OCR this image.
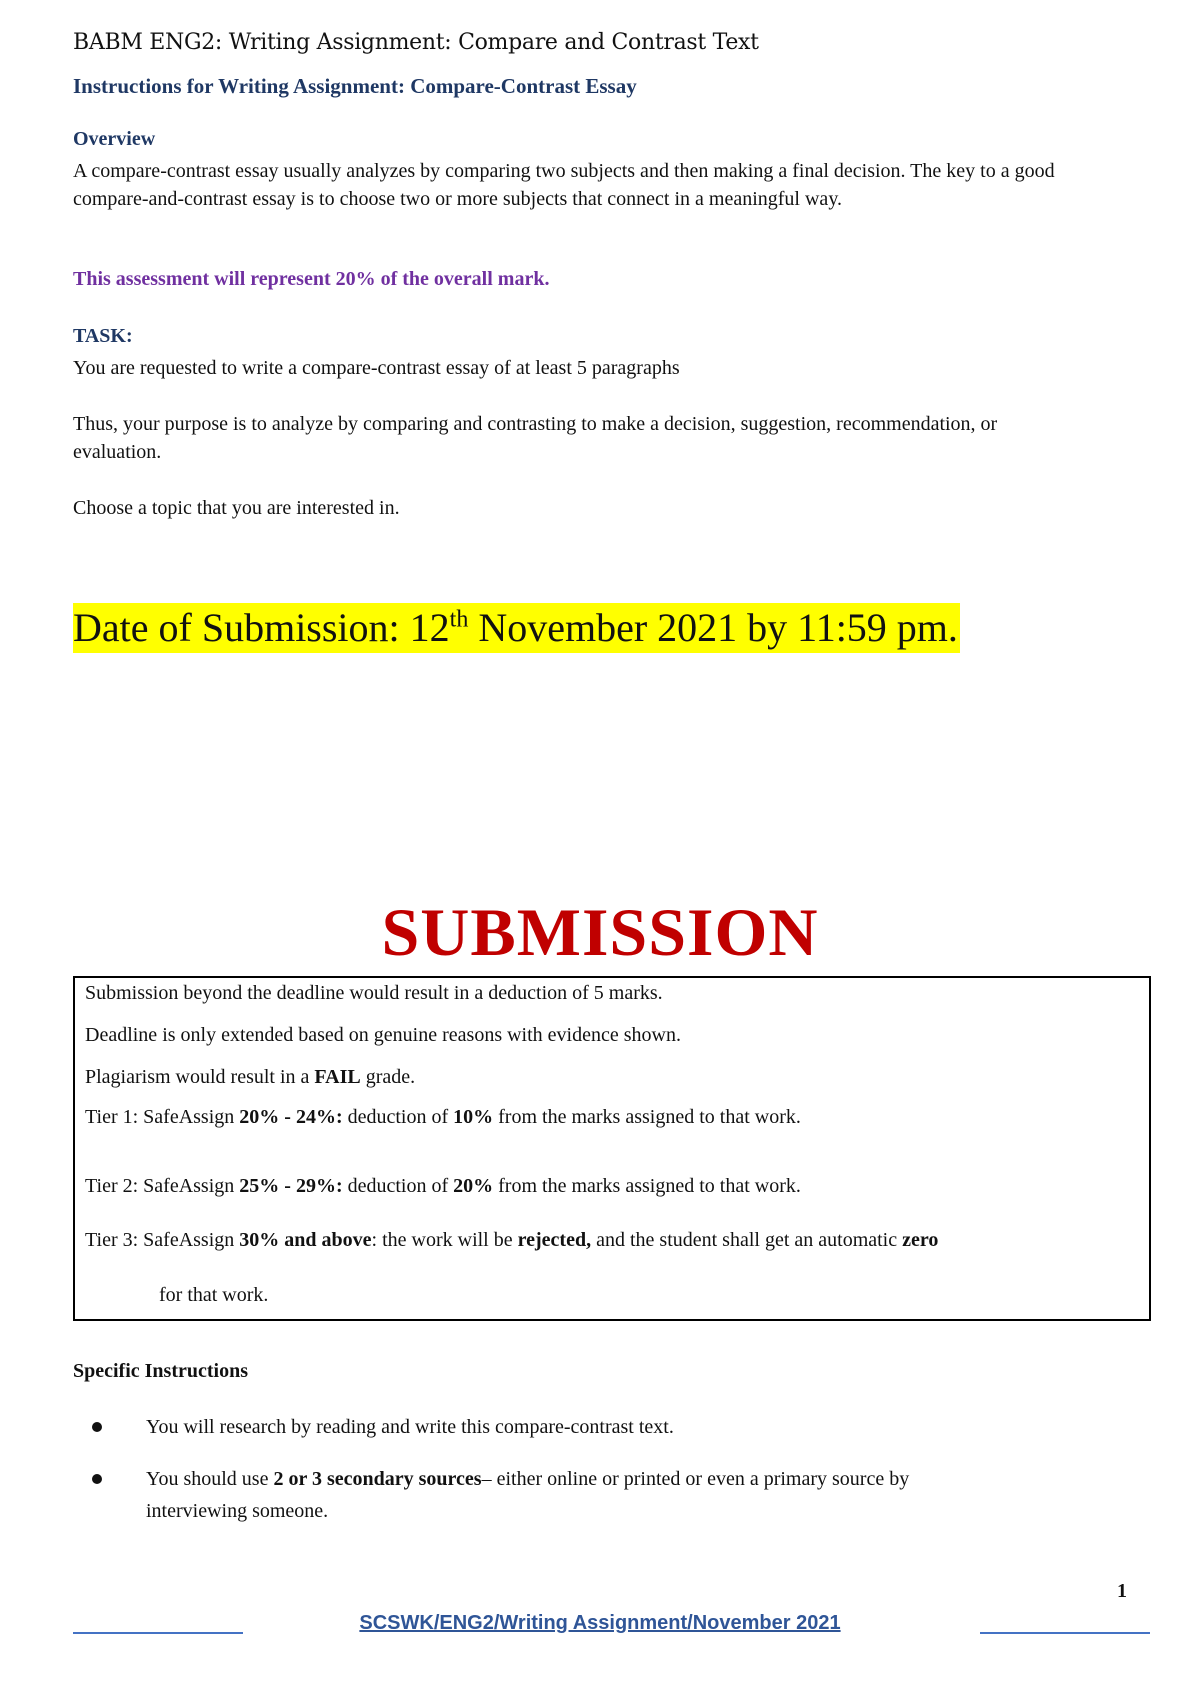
BABM ENG2: Writing Assignment: Compare and Contrast Text
Instructions for Writing Assignment: Compare-Contrast Essay
Overview
A compare-contrast essay usually analyzes by comparing two subjects and then making a final decision. The key to a good compare-and-contrast essay is to choose two or more subjects that connect in a meaningful way.
This assessment will represent 20% of the overall mark.
TASK:
You are requested to write a compare-contrast essay of at least 5 paragraphs
Thus, your purpose is to analyze by comparing and contrasting to make a decision, suggestion, recommendation, or evaluation.
Choose a topic that you are interested in.
Date of Submission: 12th November 2021 by 11:59 pm.
SUBMISSION
Submission beyond the deadline would result in a deduction of 5 marks.
Deadline is only extended based on genuine reasons with evidence shown.
Plagiarism would result in a FAIL grade.
Tier 1: SafeAssign 20% - 24%: deduction of 10% from the marks assigned to that work.
Tier 2: SafeAssign 25% - 29%: deduction of 20% from the marks assigned to that work.
Tier 3: SafeAssign 30% and above: the work will be rejected, and the student shall get an automatic zero
for that work.
Specific Instructions
You will research by reading and write this compare-contrast text.
You should use 2 or 3 secondary sources– either online or printed or even a primary source by
interviewing someone.
1
SCSWK/ENG2/Writing Assignment/November 2021
